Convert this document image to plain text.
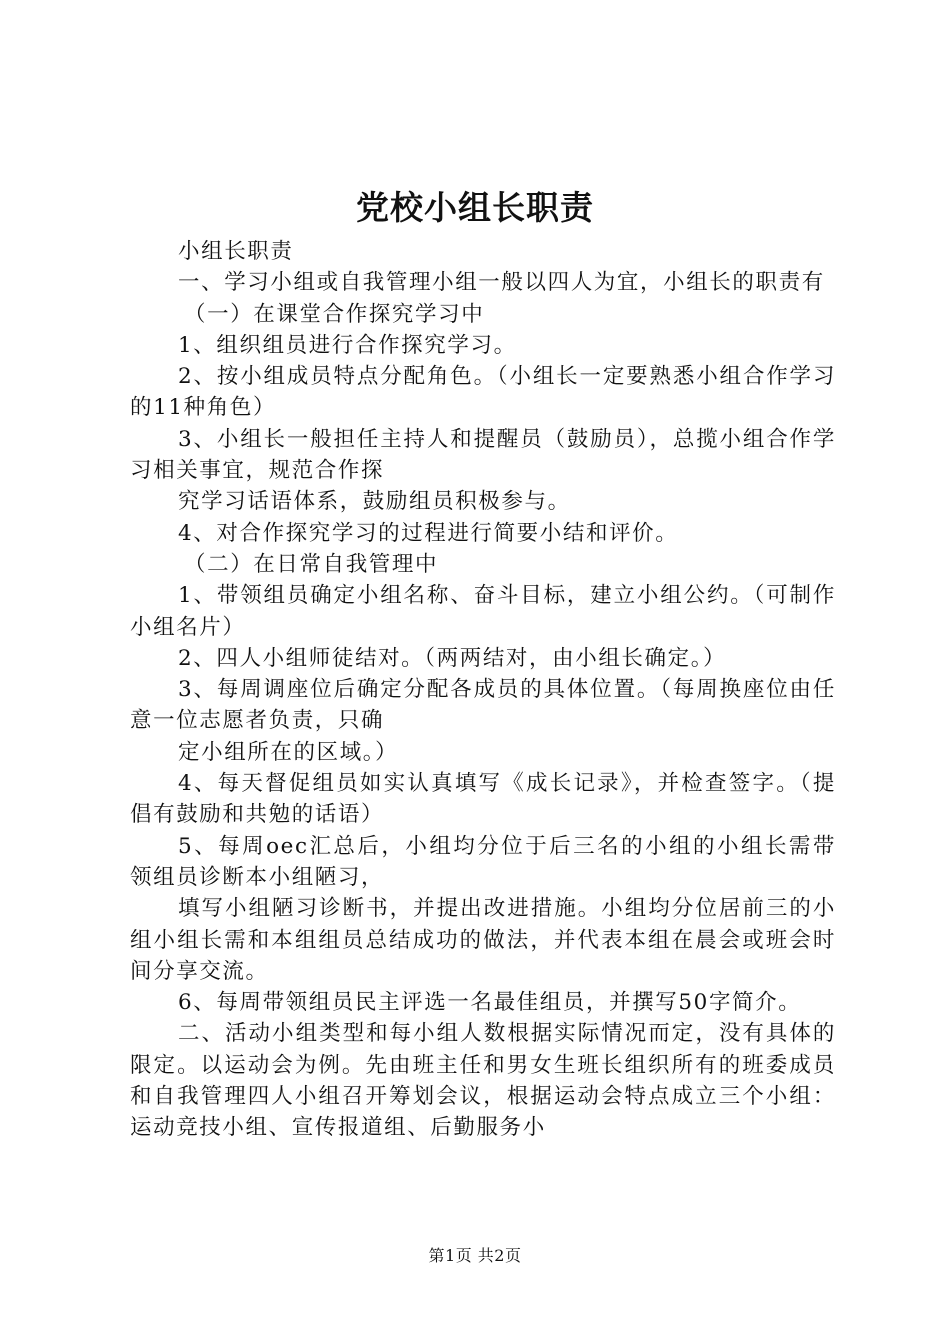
党校小组长职责

小组长职责

一、学习小组或自我管理小组一般以四人为宜，小组长的职责有

（一）在课堂合作探究学习中

1、组织组员进行合作探究学习。

2、按小组成员特点分配角色。（小组长一定要熟悉小组合作学习的11种角色）

3、小组长一般担任主持人和提醒员（鼓励员），总揽小组合作学习相关事宜，规范合作探

究学习话语体系，鼓励组员积极参与。

4、对合作探究学习的过程进行简要小结和评价。

（二）在日常自我管理中

1、带领组员确定小组名称、奋斗目标，建立小组公约。（可制作小组名片）

2、四人小组师徒结对。（两两结对，由小组长确定。）

3、每周调座位后确定分配各成员的具体位置。（每周换座位由任意一位志愿者负责，只确

定小组所在的区域。）

4、每天督促组员如实认真填写《成长记录》，并检查签字。（提倡有鼓励和共勉的话语）

5、每周oec汇总后，小组均分位于后三名的小组的小组长需带领组员诊断本小组陋习，

填写小组陋习诊断书，并提出改进措施。小组均分位居前三的小组小组长需和本组组员总结成功的做法，并代表本组在晨会或班会时间分享交流。

6、每周带领组员民主评选一名最佳组员，并撰写50字简介。

二、活动小组类型和每小组人数根据实际情况而定，没有具体的限定。以运动会为例。先由班主任和男女生班长组织所有的班委成员和自我管理四人小组召开筹划会议，根据运动会特点成立三个小组：运动竞技小组、宣传报道组、后勤服务小

第1页 共2页
